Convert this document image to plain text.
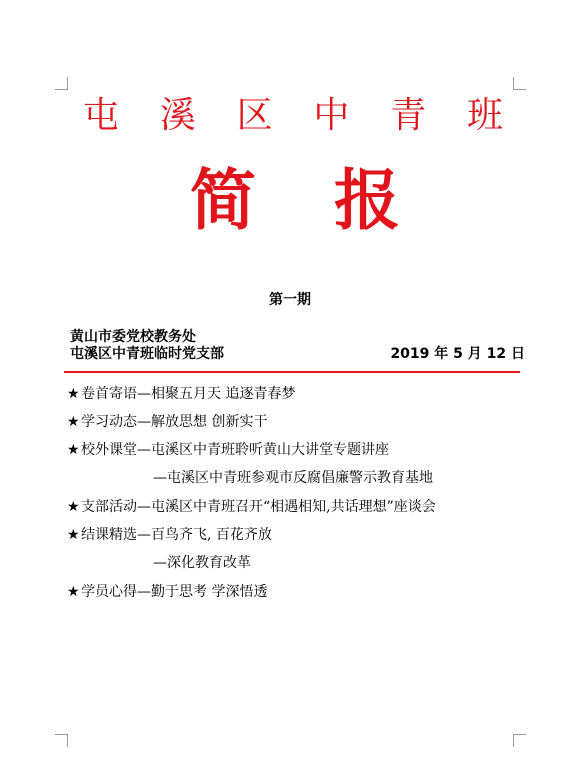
屯 溪 区 中 青 班
简 报
第一期
黄山市委党校教务处
屯溪区中青班临时党支部	2019 年 5 月 12 日
★卷首寄语—相聚五月天 追逐青春梦
★学习动态—解放思想 创新实干
★校外课堂—屯溪区中青班聆听黄山大讲堂专题讲座
—屯溪区中青班参观市反腐倡廉警示教育基地
★支部活动—屯溪区中青班召开“相遇相知,共话理想”座谈会
★结课精选—百鸟齐飞, 百花齐放
—深化教育改革
★学员心得—勤于思考 学深悟透
